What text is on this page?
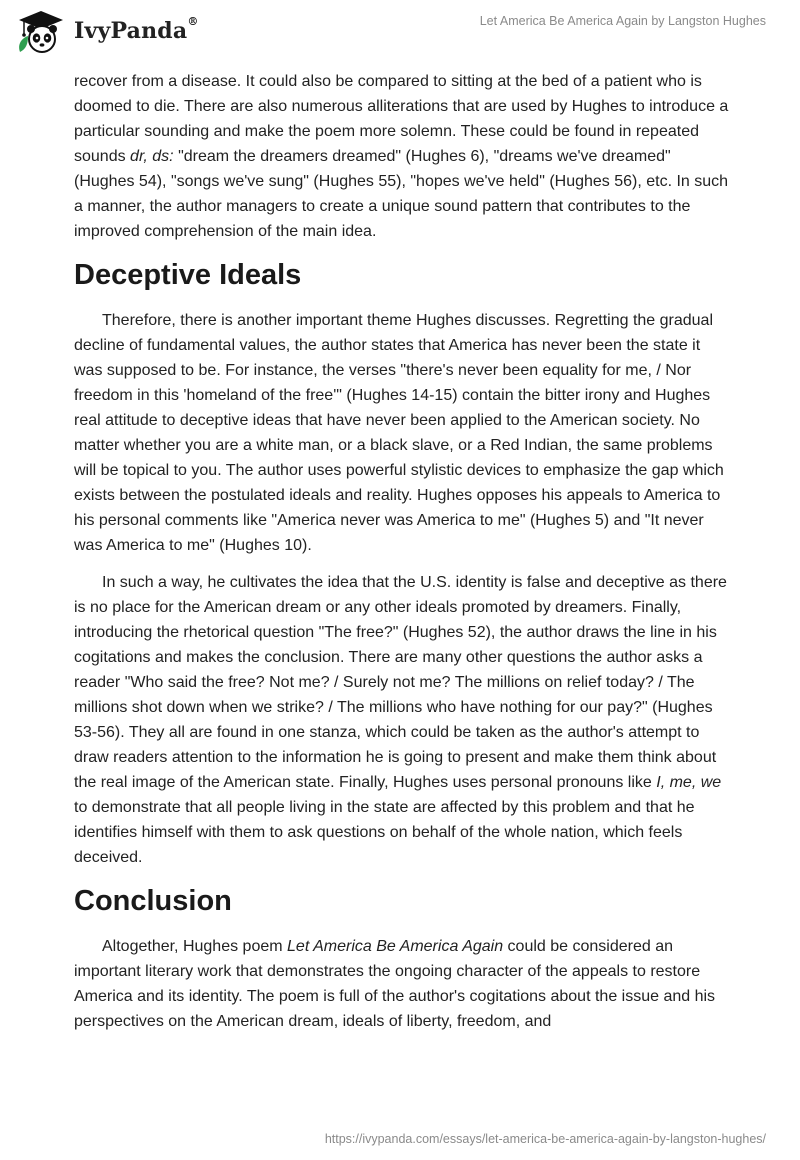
IvyPanda®	Let America Be America Again by Langston Hughes

recover from a disease. It could also be compared to sitting at the bed of a patient who is doomed to die. There are also numerous alliterations that are used by Hughes to introduce a particular sounding and make the poem more solemn. These could be found in repeated sounds dr, ds: "dream the dreamers dreamed" (Hughes 6), "dreams we've dreamed" (Hughes 54), "songs we've sung" (Hughes 55), "hopes we've held" (Hughes 56), etc. In such a manner, the author managers to create a unique sound pattern that contributes to the improved comprehension of the main idea.

Deceptive Ideals

Therefore, there is another important theme Hughes discusses. Regretting the gradual decline of fundamental values, the author states that America has never been the state it was supposed to be. For instance, the verses "there's never been equality for me, / Nor freedom in this 'homeland of the free'" (Hughes 14-15) contain the bitter irony and Hughes real attitude to deceptive ideas that have never been applied to the American society. No matter whether you are a white man, or a black slave, or a Red Indian, the same problems will be topical to you. The author uses powerful stylistic devices to emphasize the gap which exists between the postulated ideals and reality. Hughes opposes his appeals to America to his personal comments like "America never was America to me" (Hughes 5) and "It never was America to me" (Hughes 10).

In such a way, he cultivates the idea that the U.S. identity is false and deceptive as there is no place for the American dream or any other ideals promoted by dreamers. Finally, introducing the rhetorical question "The free?" (Hughes 52), the author draws the line in his cogitations and makes the conclusion. There are many other questions the author asks a reader "Who said the free? Not me? / Surely not me? The millions on relief today? / The millions shot down when we strike? / The millions who have nothing for our pay?" (Hughes 53-56). They all are found in one stanza, which could be taken as the author's attempt to draw readers attention to the information he is going to present and make them think about the real image of the American state. Finally, Hughes uses personal pronouns like I, me, we to demonstrate that all people living in the state are affected by this problem and that he identifies himself with them to ask questions on behalf of the whole nation, which feels deceived.

Conclusion

Altogether, Hughes poem Let America Be America Again could be considered an important literary work that demonstrates the ongoing character of the appeals to restore America and its identity. The poem is full of the author's cogitations about the issue and his perspectives on the American dream, ideals of liberty, freedom, and

https://ivypanda.com/essays/let-america-be-america-again-by-langston-hughes/
